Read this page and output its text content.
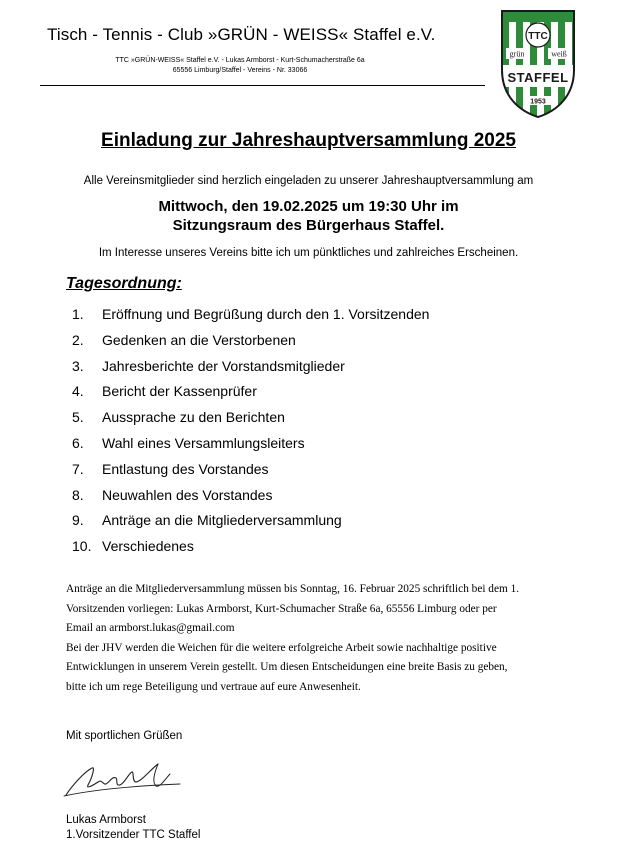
Tisch - Tennis - Club »GRÜN - WEISS« Staffel e.V.
TTC »GRÜN-WEISS« Staffel e.V. - Lukas Armborst - Kurt-Schumacherstraße 6a
65556 Limburg/Staffel - Vereins - Nr. 33066
TTC
grün	weiß
STAFFEL
1953
Einladung zur Jahreshauptversammlung 2025
Alle Vereinsmitglieder sind herzlich eingeladen zu unserer Jahreshauptversammlung am
Mittwoch, den 19.02.2025 um 19:30 Uhr im
Sitzungsraum des Bürgerhaus Staffel.
Im Interesse unseres Vereins bitte ich um pünktliches und zahlreiches Erscheinen.
Tagesordnung:
1. Eröffnung und Begrüßung durch den 1. Vorsitzenden
2. Gedenken an die Verstorbenen
3. Jahresberichte der Vorstandsmitglieder
4. Bericht der Kassenprüfer
5. Aussprache zu den Berichten
6. Wahl eines Versammlungsleiters
7. Entlastung des Vorstandes
8. Neuwahlen des Vorstandes
9. Anträge an die Mitgliederversammlung
10. Verschiedenes

Anträge an die Mitgliederversammlung müssen bis Sonntag, 16. Februar 2025 schriftlich bei dem 1.

Vorsitzenden vorliegen: Lukas Armborst, Kurt-Schumacher Straße 6a, 65556 Limburg oder per

Email an armborst.lukas@gmail.com

Bei der JHV werden die Weichen für die weitere erfolgreiche Arbeit sowie nachhaltige positive

Entwicklungen in unserem Verein gestellt. Um diesen Entscheidungen eine breite Basis zu geben,

bitte ich um rege Beteiligung und vertraue auf eure Anwesenheit.

Mit sportlichen Grüßen
Lukas Armborst
1.Vorsitzender TTC Staffel
